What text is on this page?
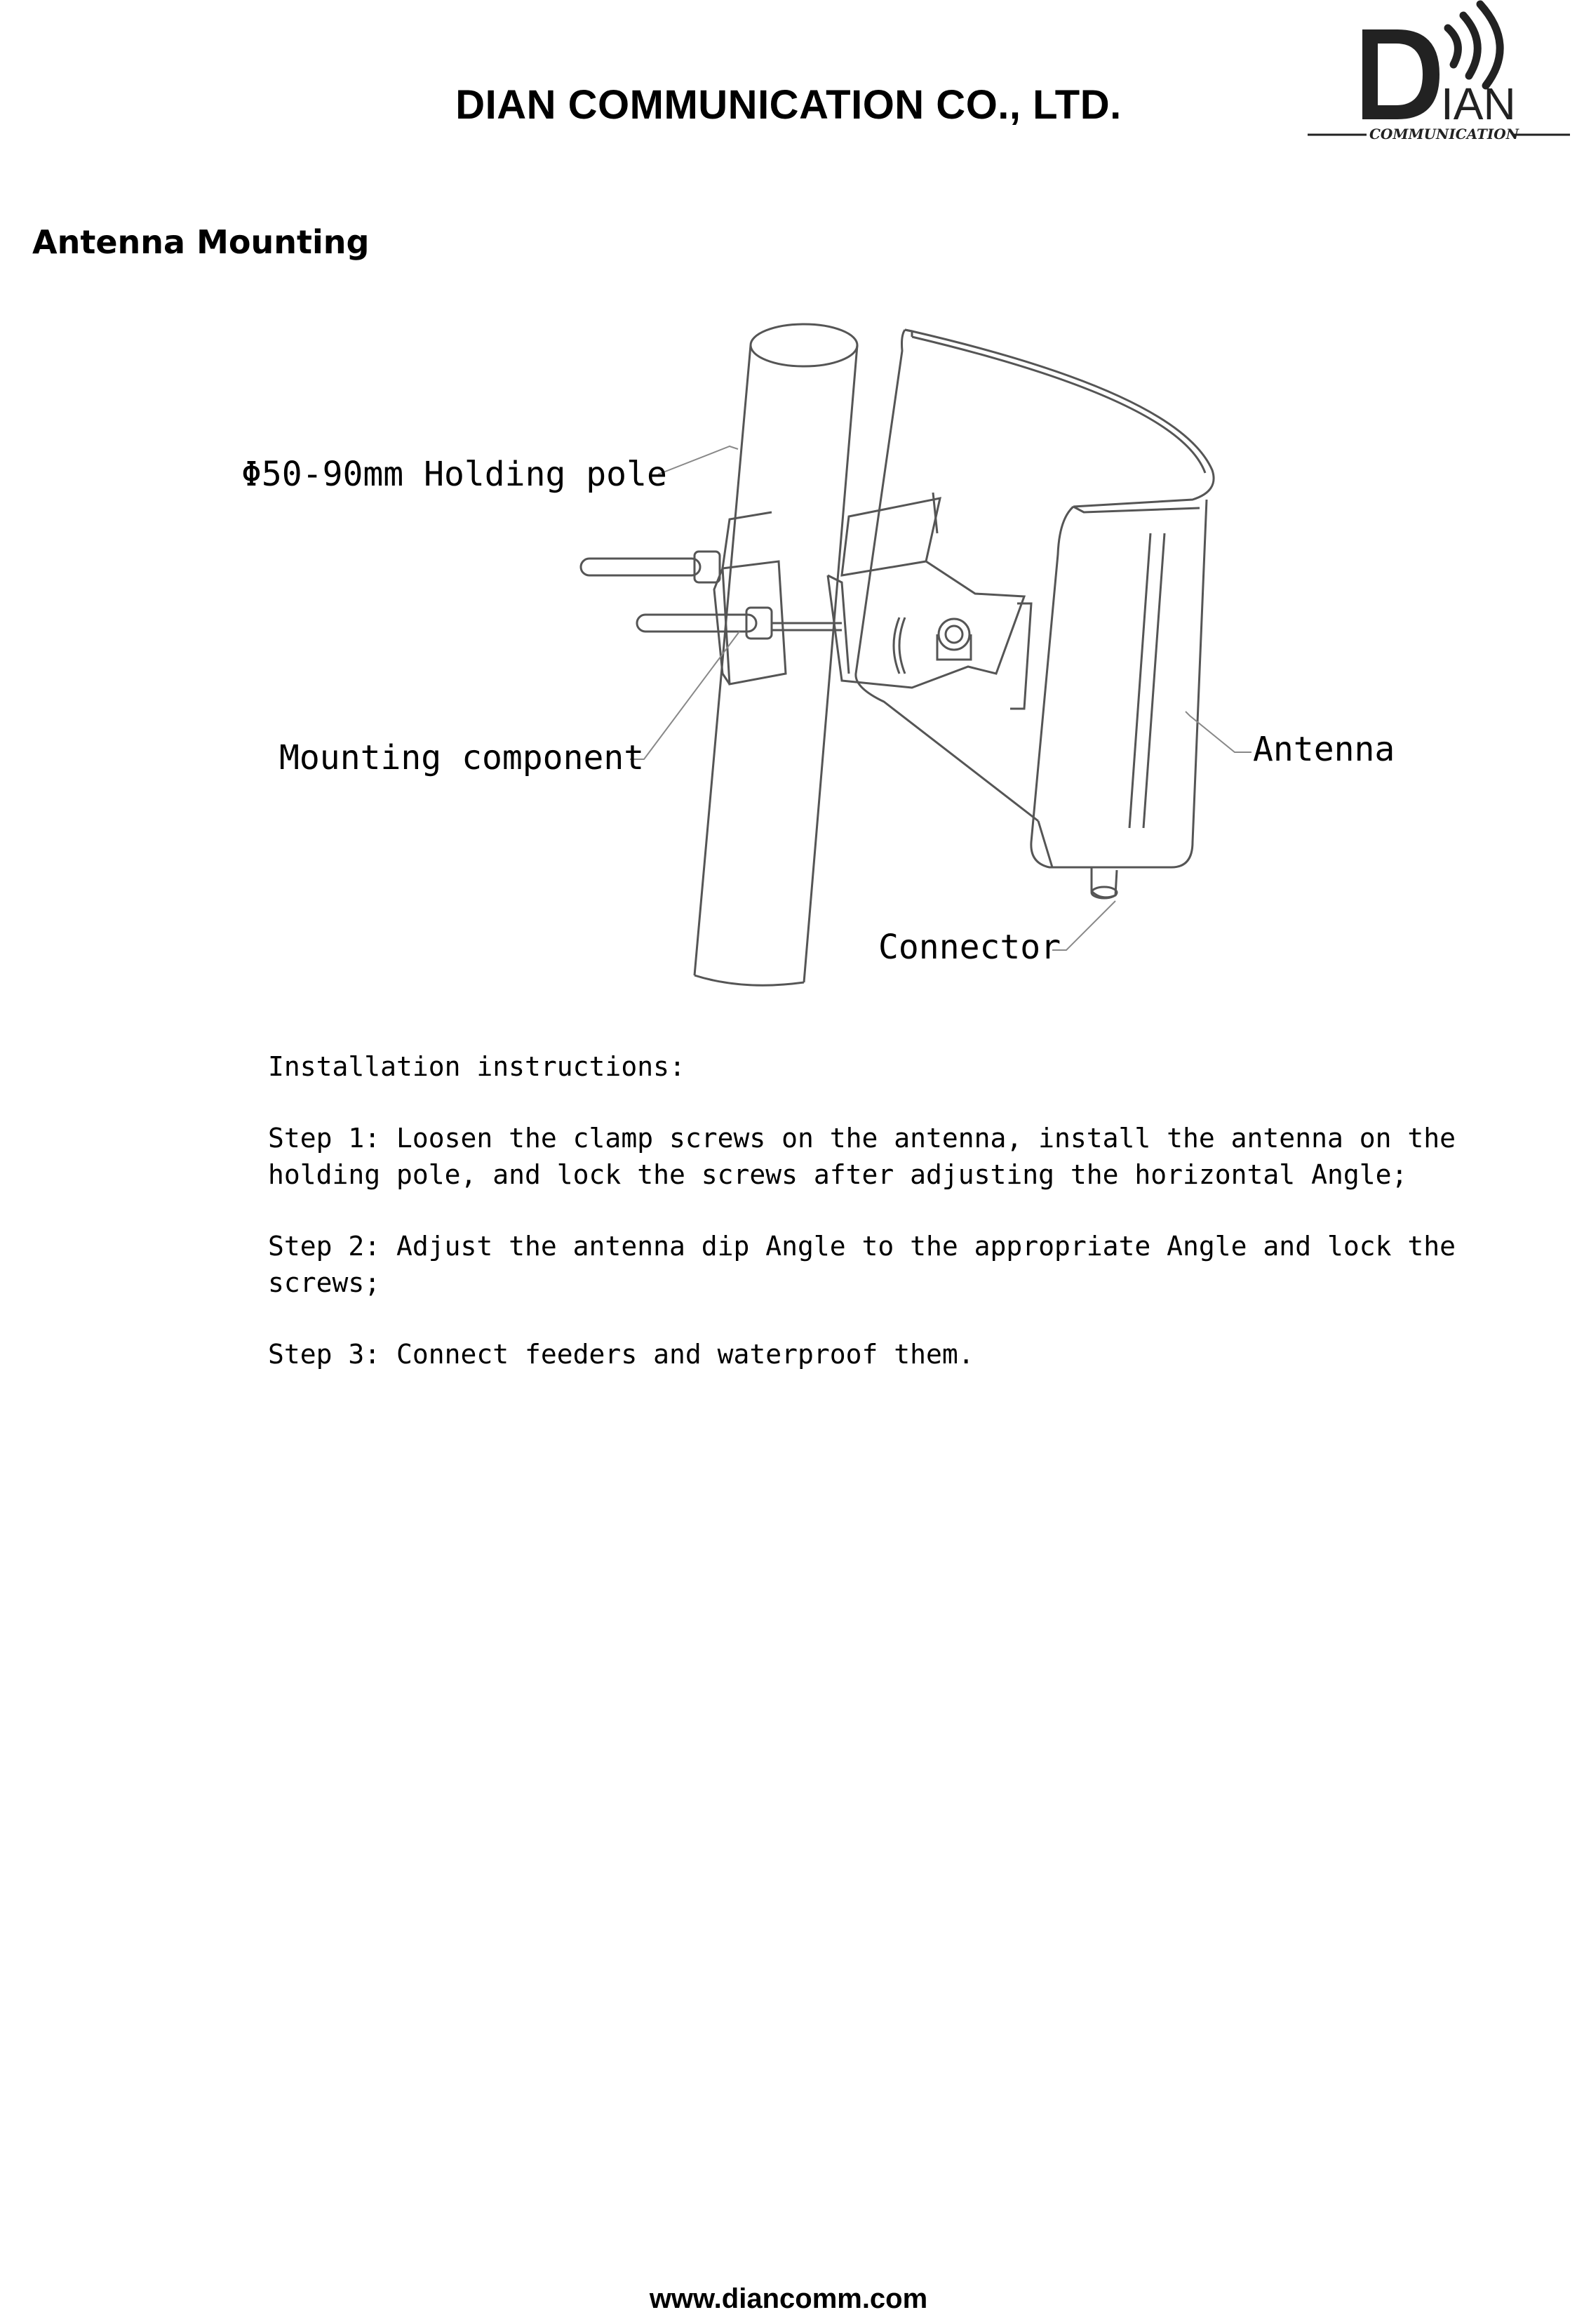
DIAN COMMUNICATION CO., LTD.	IAN
COMMUNICATION
Antenna Mounting
Φ50-90mm Holding pole
Mounting component	Antenna
Connector
Installation instructions:
Step 1: Loosen the clamp screws on the antenna, install the antenna on the
holding pole, and lock the screws after adjusting the horizontal Angle;
Step 2: Adjust the antenna dip Angle to the appropriate Angle and lock the
screws;
Step 3: Connect feeders and waterproof them.
www.diancomm.com
